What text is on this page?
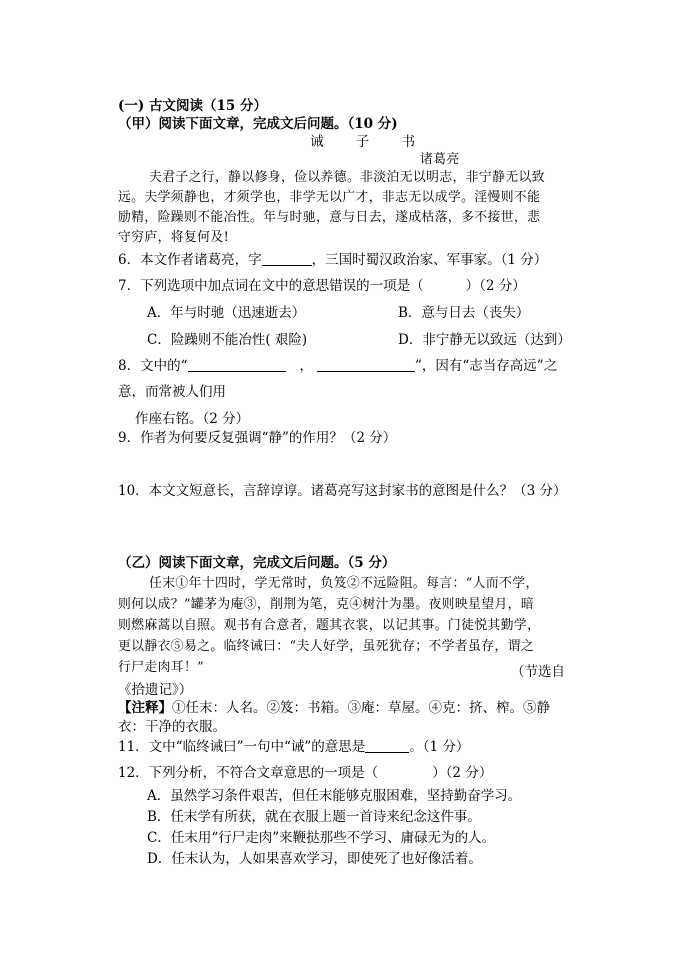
(一) 古文阅读（15 分）
（甲）阅读下面文章，完成文后问题。（10 分)
诫 子 书
诸葛亮
夫君子之行，静以修身，俭以养德。非淡泊无以明志，非宁静无以致
远。夫学须静也，才须学也，非学无以广才，非志无以成学。淫慢则不能
励精，险躁则不能冶性。年与时驰，意与日去，遂成枯落，多不接世，悲
守穷庐，将复何及!
6．本文作者诸葛亮，字	，三国时蜀汉政治家、军事家。（1 分）
7．下列选项中加点词在文中的意思错误的一项是（	）（2 分）
A．年与时驰（迅速逝去）	B．意与日去（丧失）
C．险躁则不能冶性( 艰险)	D．非宁静无以致远（达到）
8．文中的“	，	”，因有“志当存高远”之
意，而常被人们用
作座右铭。（2 分）
9．作者为何要反复强调“静”的作用？（2 分）
10．本文文短意长，言辞谆谆。诸葛亮写这封家书的意图是什么？（3 分）
（乙）阅读下面文章，完成文后问题。（5 分）
任末①年十四时，学无常时，负笈②不远险阻。每言：“人而不学，
则何以成？”罐茅为庵③，削荆为笔，克④树汁为墨。夜则映星望月，暗
则燃麻蒿以自照。观书有合意者，题其衣裳，以记其事。门徒悦其勤学，
更以靜衣⑤易之。临终诫曰：“夫人好学，虽死犹存；不学者虽存，谓之
行尸走肉耳！”	（节选自
《拾遗记》）
【注释】①任末：人名。②笈：书箱。③庵：草屋。④克：挤、榨。⑤静
衣：干净的衣服。
11．文中“临终诫曰”一句中“诫”的意思是	。（1 分）
12．下列分析，不符合文章意思的一项是（	）（2 分）
A．虽然学习条件艰苦，但任末能够克服困难，坚持勤奋学习。
B．任末学有所获，就在衣服上题一首诗来纪念这件事。
C．任末用“行尸走肉”来鞭挞那些不学习、庸碌无为的人。
D．任末认为，人如果喜欢学习，即使死了也好像活着。
